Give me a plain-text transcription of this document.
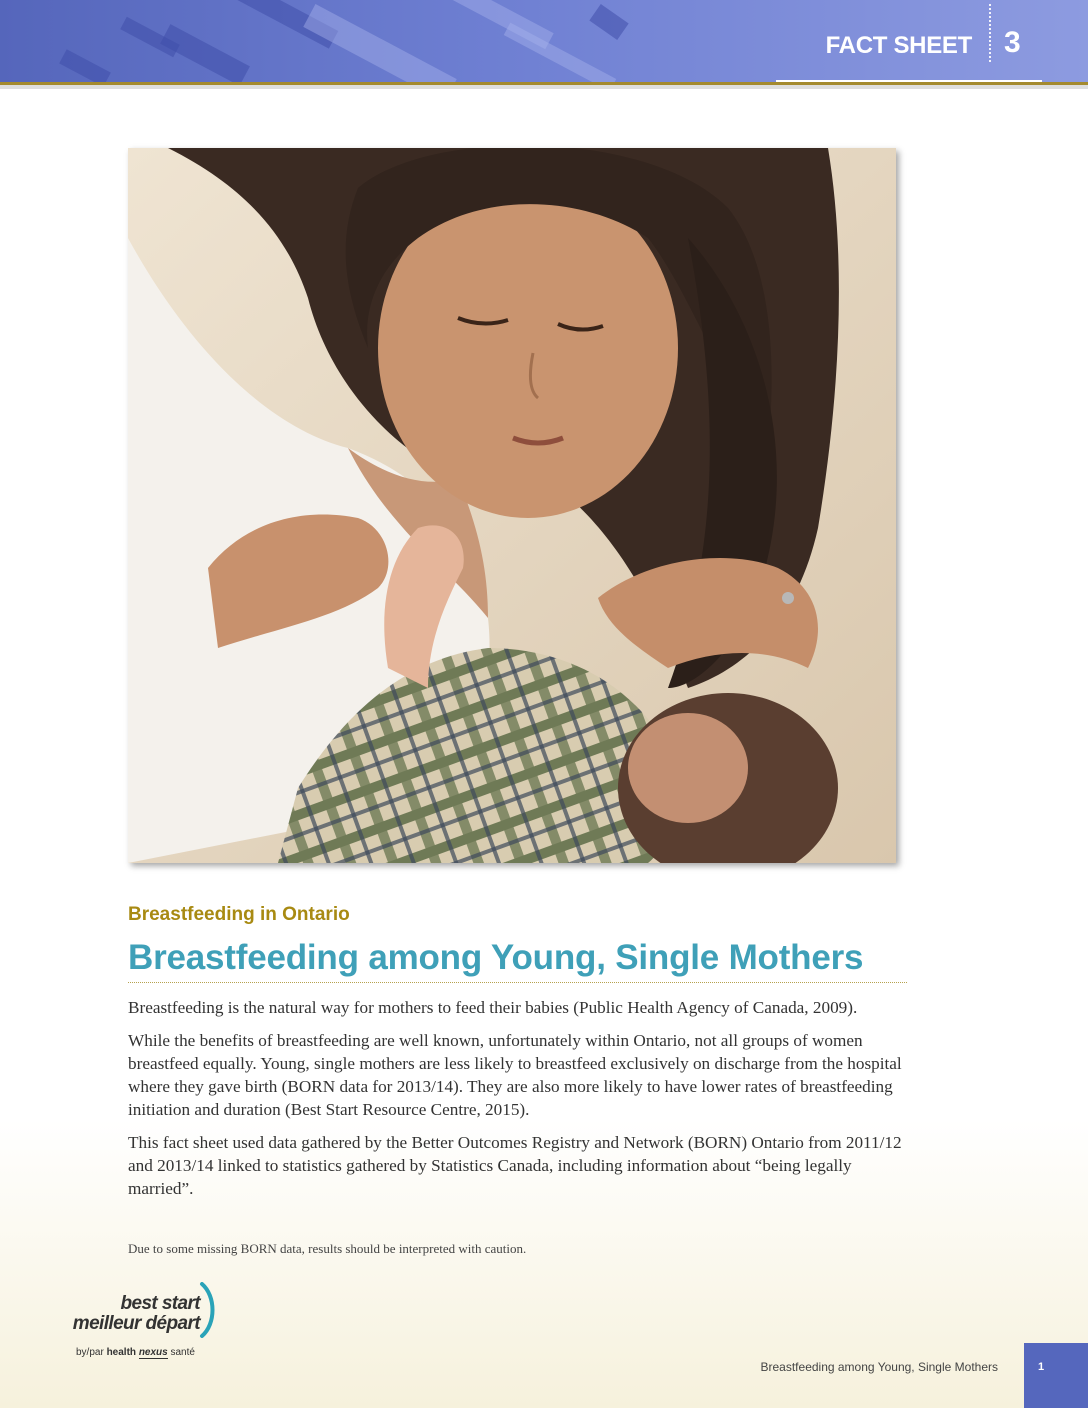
FACT SHEET 3
Breastfeeding in Ontario
Breastfeeding among Young, Single Mothers

Breastfeeding is the natural way for mothers to feed their babies (Public Health Agency of Canada, 2009).

While the benefits of breastfeeding are well known, unfortunately within Ontario, not all groups of women breastfeed equally. Young, single mothers are less likely to breastfeed exclusively on discharge from the hospital where they gave birth (BORN data for 2013/14). They are also more likely to have lower rates of breastfeeding initiation and duration (Best Start Resource Centre, 2015).

This fact sheet used data gathered by the Better Outcomes Registry and Network (BORN) Ontario from 2011/12 and 2013/14 linked to statistics gathered by Statistics Canada, including information about “being legally married”.

Due to some missing BORN data, results should be interpreted with caution.
best start
meilleur départ
by/par health nexus santé
Breastfeeding among Young, Single Mothers	1
